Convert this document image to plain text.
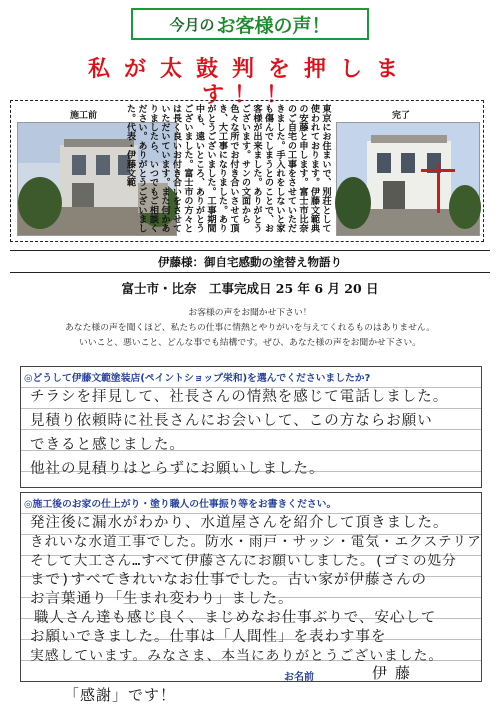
今月の お客様の声！
私が太鼓判を押しま
す！！
施工前	東京にお住まいで、別荘として使われております。伊藤文範典の安藤と申します。富士市比奈のご自宅の工事をさせていただきました。手入れをしないと家も傷んでしまうとのことで、お客様が出来ました。ありがとうございます。サンの文面から色々な所でお付き合いさせて頂き、大工事になりました。ありがとうございました。工事期間中も、遠いところ、ありがとうございました。富士市の方々とは長く良いお付き合いをさせていただいています。また何かありましたら、いつでもご相談ください。ありがとうございました。代表・伊藤文範	完了
伊藤様：御自宅感動の塗替え物語り
富士市・比奈　工事完成日 25 年 6 月 20 日
お客様の声をお聞かせ下さい！
あなた様の声を聞くほど、私たちの仕事に情熱とやりがいを与えてくれるものはありません。
いいこと、悪いこと、どんな事でも結構です。ぜひ、あなた様の声をお聞かせ下さい。
◎どうして伊藤文範塗装店(ペイントショップ栄和)を選んでくださいましたか?
チラシを拝見して、社長さんの情熱を感じて電話しました。
見積り依頼時に社長さんにお会いして、この方ならお願い
できると感じました。
他社の見積りはとらずにお願いしました。
◎施工後のお家の仕上がり・塗り職人の仕事振り等をお書きください。
発注後に漏水がわかり、水道屋さんを紹介して頂きました。
きれいな水道工事でした。防水・雨戸・サッシ・電気・エクステリア
そして大工さん…すべて伊藤さんにお願いしました。(ゴミの処分
まで)すべてきれいなお仕事でした。古い家が伊藤さんの
お言葉通り「生まれ変わり」ました。
職人さん達も感じ良く、まじめなお仕事ぶりで、安心して
お願いできました。仕事は「人間性」を表わす事を
実感しています。みなさま、本当にありがとうございました。
お名前	伊藤
「感謝」です！
